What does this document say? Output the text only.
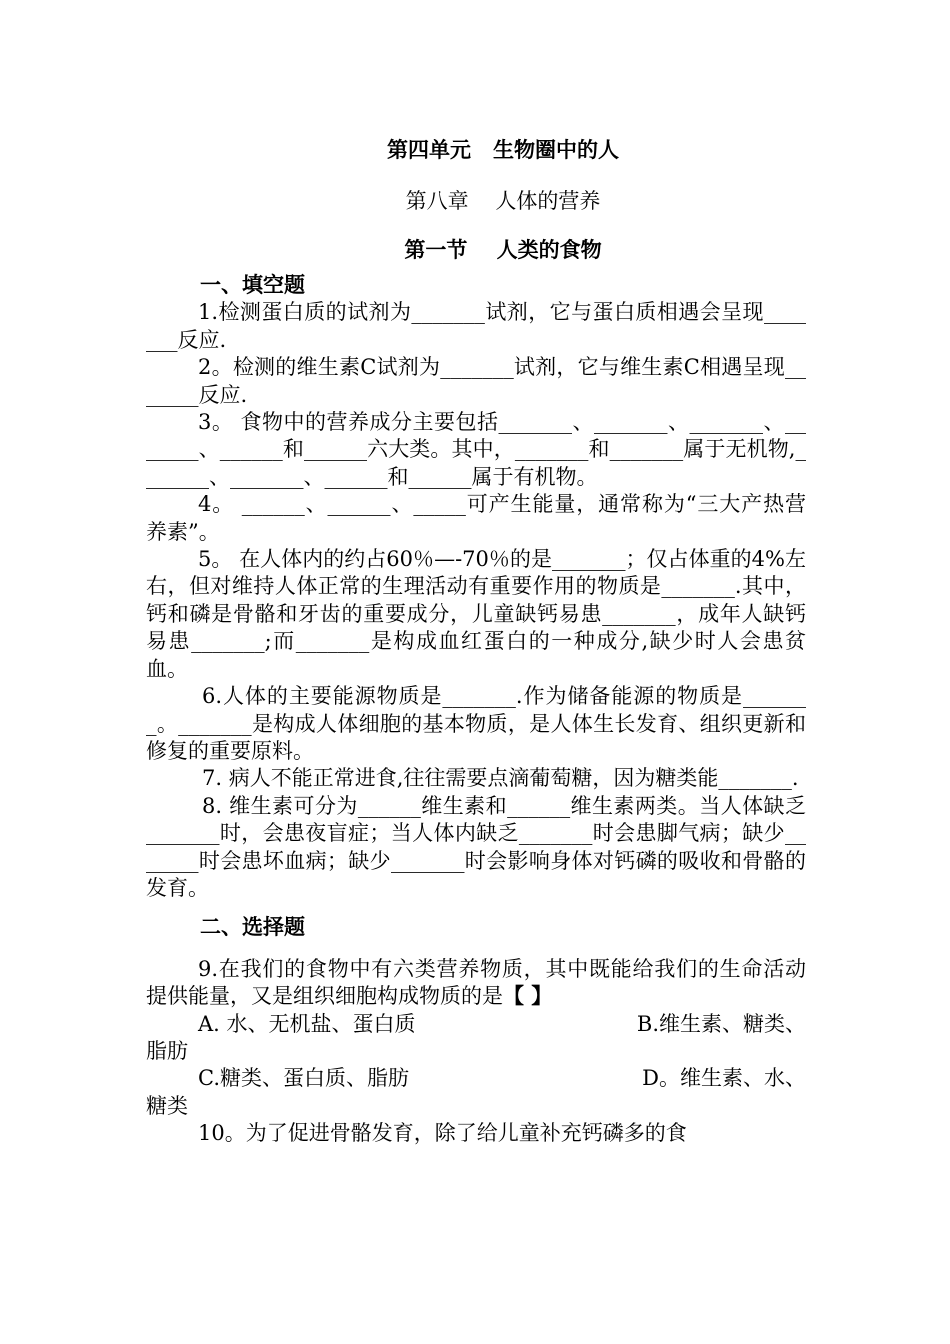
第四单元   生物圈中的人
第八章    人体的营养
第一节    人类的食物
一、填空题
1.检测蛋白质的试剂为_______试剂，它与蛋白质相遇会呈现_______反应.
2。检测的维生素C试剂为_______试剂，它与维生素C相遇呈现_______反应.
3。 食物中的营养成分主要包括_______、_______、_______、_______、______和______六大类。其中，_______和_______属于无机物,_______、_______、______和______属于有机物。
4。 ______、______、_____可产生能量，通常称为“三大产热营养素”。
5。 在人体内的约占60％—-70％的是_______；仅占体重的4%左右，但对维持人体正常的生理活动有重要作用的物质是_______.其中，钙和磷是骨骼和牙齿的重要成分，儿童缺钙易患_______，成年人缺钙易患_______;而_______是构成血红蛋白的一种成分,缺少时人会患贫血。
6.人体的主要能源物质是_______.作为储备能源的物质是_______。_______是构成人体细胞的基本物质，是人体生长发育、组织更新和修复的重要原料。
7. 病人不能正常进食,往往需要点滴葡萄糖，因为糖类能_______.
8. 维生素可分为______维生素和______维生素两类。当人体缺乏_______时，会患夜盲症；当人体内缺乏_______时会患脚气病；缺少_______时会患坏血病；缺少_______时会影响身体对钙磷的吸收和骨骼的发育。
二、选择题
9.在我们的食物中有六类营养物质，其中既能给我们的生命活动提供能量，又是组织细胞构成物质的是【 】
A. 水、无机盐、蛋白质	B.维生素、糖类、
脂肪
C.糖类、蛋白质、脂肪	D。维生素、水、
糖类
10。为了促进骨骼发育，除了给儿童补充钙磷多的食
